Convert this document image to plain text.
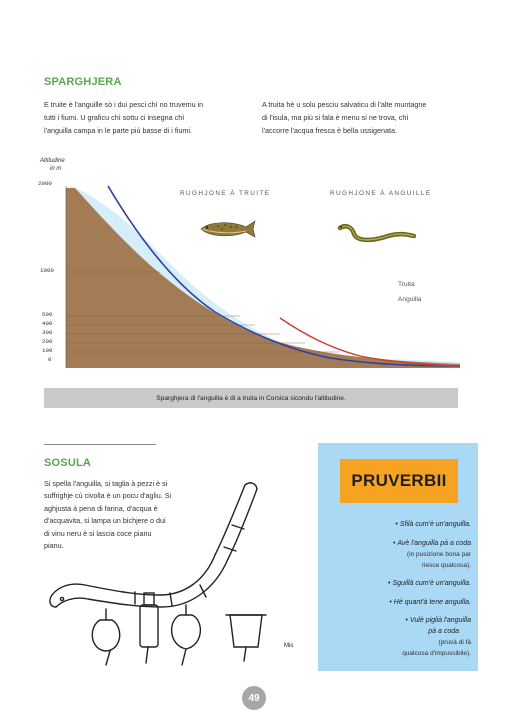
SPARGHJERA
E truite è l'anguille sò i dui pesci chì no truvemu in
tutti i fiumi. U graficu chì sottu ci insegna chì
l'anguilla campa in le parte più basse di i fiumi.
A truita hè u solu pesciu salvaticu di l'alte muntagne
di l'isula, ma più si fala è menu si ne trova, chì
l'accorre l'acqua fresca è bella ussigenata.
Altitudine
in m
2000
1000
500
400
300
200
100
0
RUGHJONE À TRUITE	RUGHJONE À ANGUILLE
Truita
Anguilla
Sparghjera di l'anguilla è di a truita in Corsica sicondu l'altitudine.
SOSULA
Si spella l'anguilla, si taglia à pezzi è si
suffrighje cù civolla è un pocu d'agliu. Si
aghjusta à pena di farina, d'acqua è
d'acquavita, si lampa un bichjere o dui
di vinu neru è si lascia coce pianu
pianu.
Mis
PRUVERBII
• Sfilà cum'è un'anguilla.
• Avè l'anguilla pà a coda
(in pusizione bona par
riesce qualcosa).
• Sguillà cum'è un'anguilla.
• Hè quant'à tene anguilla.
• Vulè piglià l'anguilla
pà a coda
(pruvà di fà
qualcosa d'impussibile).
49
